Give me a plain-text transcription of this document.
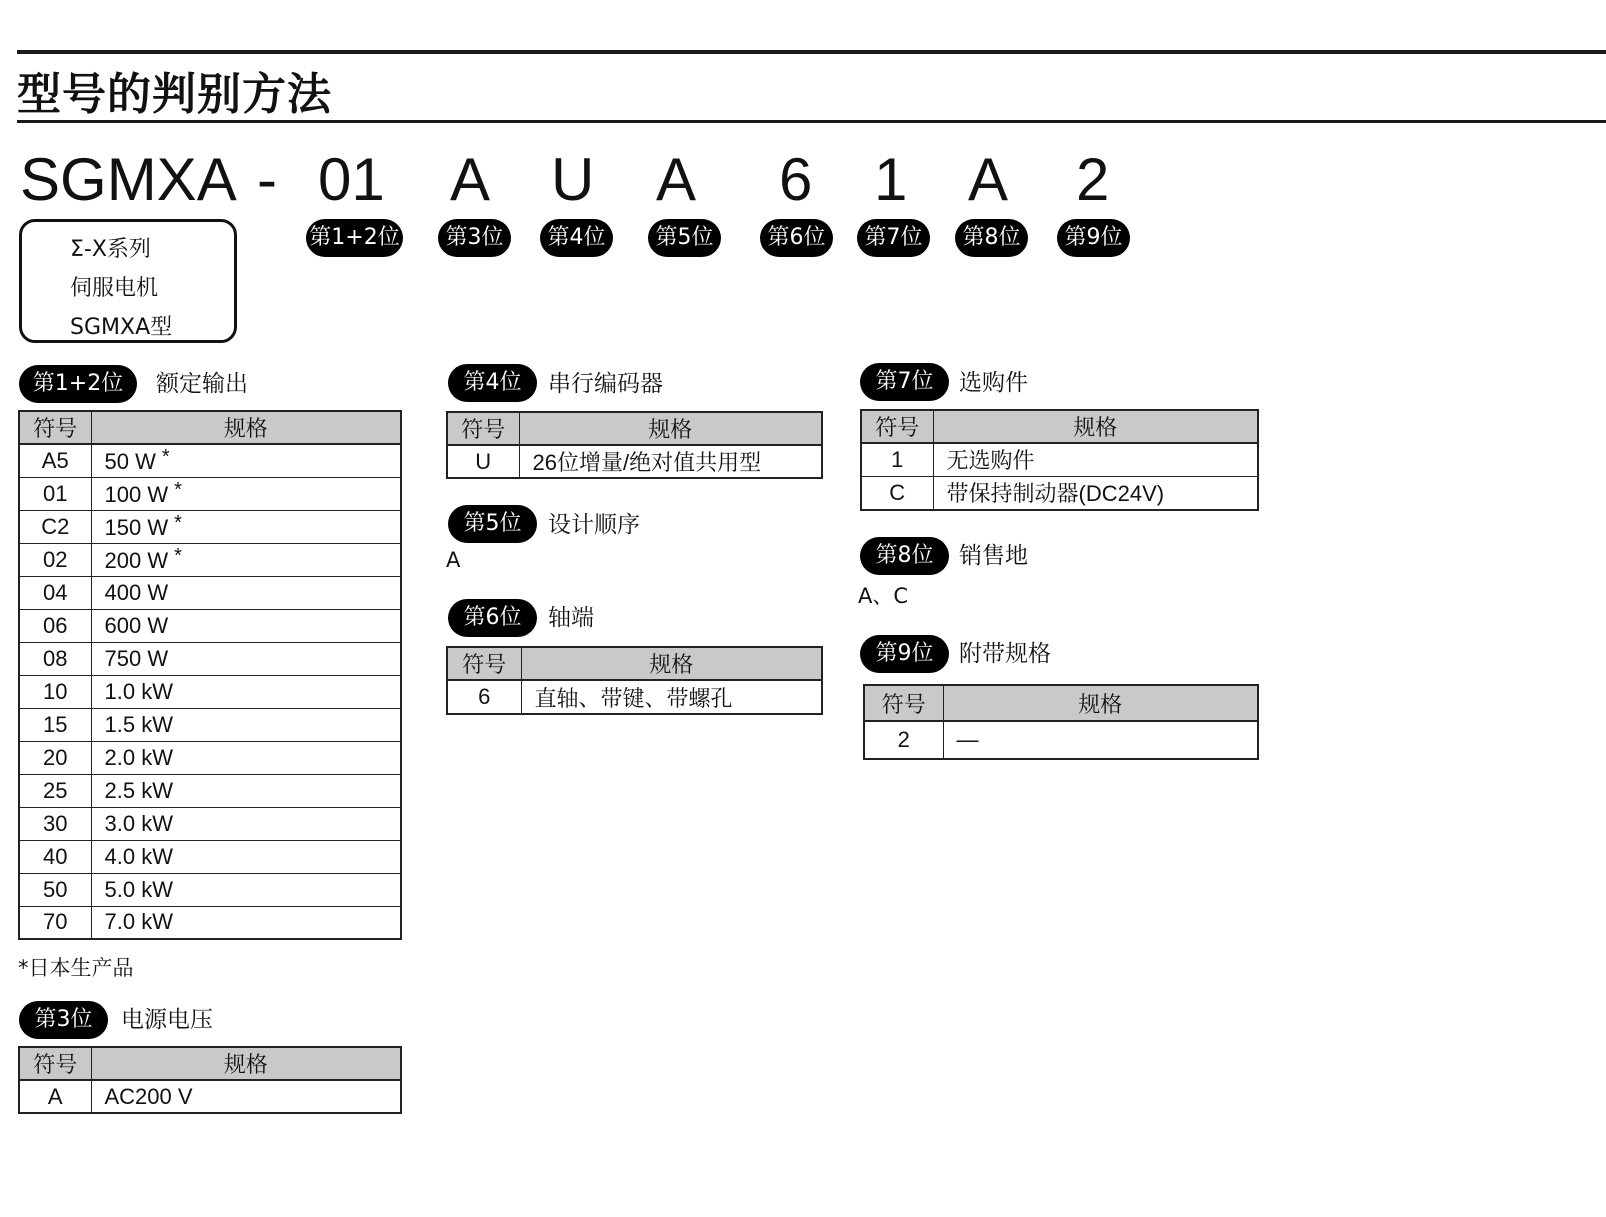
型号的判别方法
SGMXA - 01 A U A 6 1 A 2
第1+2位	第3位	第4位	第5位	第6位	第7位	第8位	第9位
Σ-X系列
伺服电机
SGMXA型
第1+2位	额定输出
符号	规格
A5	50 W *
01	100 W *
C2	150 W *
02	200 W *
04	400 W
06	600 W
08	750 W
10	1.0 kW
15	1.5 kW
20	2.0 kW
25	2.5 kW
30	3.0 kW
40	4.0 kW
50	5.0 kW
70	7.0 kW
*日本生产品
第3位	电源电压
符号	规格
A	AC200 V
第4位	串行编码器
符号	规格
U	26位增量/绝对值共用型
第5位	设计顺序
A
第6位	轴端
符号	规格
6	直轴、带键、带螺孔
第7位	选购件
符号	规格
1	无选购件
C	带保持制动器(DC24V)
第8位	销售地
A、C
第9位	附带规格
符号	规格
2	—
